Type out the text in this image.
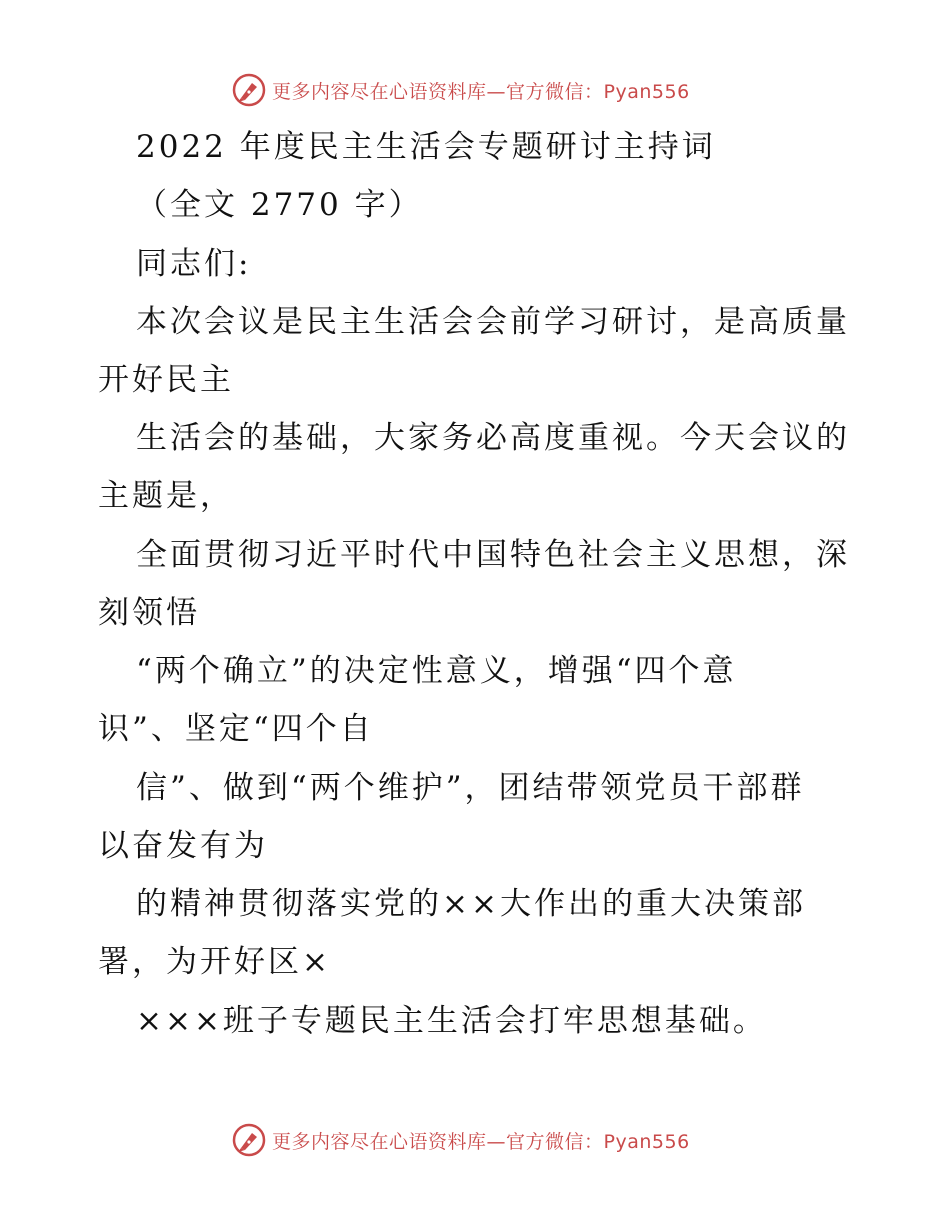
更多内容尽在心语资料库—官方微信：Pyan556
2022 年度民主生活会专题研讨主持词
（全文 2770 字）
同志们:
本次会议是民主生活会会前学习研讨，是高质量
开好民主
生活会的基础，大家务必高度重视。今天会议的
主题是，
全面贯彻习近平时代中国特色社会主义思想，深
刻领悟
“两个确立”的决定性意义，增强“四个意
识”、坚定“四个自
信”、做到“两个维护”，团结带领党员干部群
以奋发有为
的精神贯彻落实党的××大作出的重大决策部
署，为开好区×
×××班子专题民主生活会打牢思想基础。
更多内容尽在心语资料库—官方微信：Pyan556
